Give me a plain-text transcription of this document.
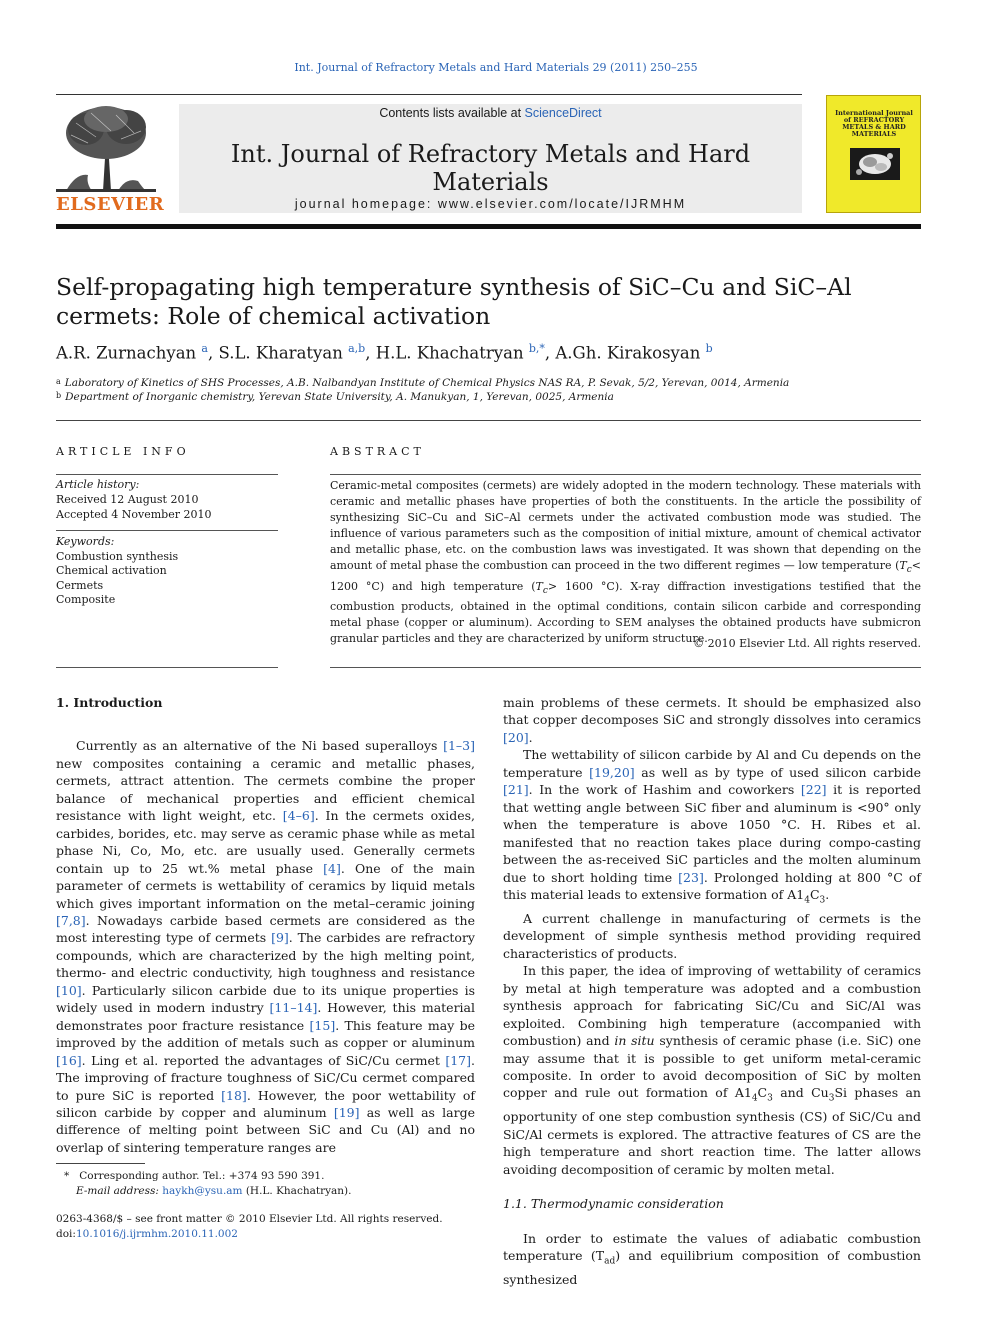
Int. Journal of Refractory Metals and Hard Materials 29 (2011) 250–255
ELSEVIER
Contents lists available at ScienceDirect
Int. Journal of Refractory Metals and Hard Materials
journal homepage: www.elsevier.com/locate/IJRMHM
International Journal of REFRACTORY METALS & HARD MATERIALS
Self-propagating high temperature synthesis of SiC–Cu and SiC–Al cermets: Role of chemical activation
A.R. Zurnachyan $^a$, S.L. Kharatyan $^{a,b}$, H.L. Khachatryan $^{b,*}$, A.Gh. Kirakosyan $^b$
$^a$ Laboratory of Kinetics of SHS Processes, A.B. Nalbandyan Institute of Chemical Physics NAS RA, P. Sevak, 5/2, Yerevan, 0014, Armenia
$^b$ Department of Inorganic chemistry, Yerevan State University, A. Manukyan, 1, Yerevan, 0025, Armenia
ARTICLE INFO	ABSTRACT
Article history:
Received 12 August 2010
Accepted 4 November 2010
Keywords:
Combustion synthesis
Chemical activation
Cermets
Composite
Ceramic-metal composites (cermets) are widely adopted in the modern technology. These materials with ceramic and metallic phases have properties of both the constituents. In the article the possibility of synthesizing SiC–Cu and SiC–Al cermets under the activated combustion mode was studied. The influence of various parameters such as the composition of initial mixture, amount of chemical activator and metallic phase, etc. on the combustion laws was investigated. It was shown that depending on the amount of metal phase the combustion can proceed in the two different regimes — low temperature ($T_c< 1200$ °C) and high temperature ($T_c> 1600$ °C). X-ray diffraction investigations testified that the combustion products, obtained in the optimal conditions, contain silicon carbide and corresponding metal phase (copper or aluminum). According to SEM analyses the obtained products have submicron granular particles and they are characterized by uniform structure.
© 2010 Elsevier Ltd. All rights reserved.

1. Introduction

Currently as an alternative of the Ni based superalloys [1–3] new composites containing a ceramic and metallic phases, cermets, attract attention. The cermets combine the proper balance of mechanical properties and efficient chemical resistance with light weight, etc. [4–6]. In the cermets oxides, carbides, borides, etc. may serve as ceramic phase while as metal phase Ni, Co, Mo, etc. are usually used. Generally cermets contain up to 25 wt.% metal phase [4]. One of the main parameter of cermets is wettability of ceramics by liquid metals which gives important information on the metal–ceramic joining [7,8]. Nowadays carbide based cermets are considered as the most interesting type of cermets [9]. The carbides are refractory compounds, which are characterized by the high melting point, thermo- and electric conductivity, high toughness and resistance [10]. Particularly silicon carbide due to its unique properties is widely used in modern industry [11–14]. However, this material demonstrates poor fracture resistance [15]. This feature may be improved by the addition of metals such as copper or aluminum [16]. Ling et al. reported the advantages of SiC/Cu cermet [17]. The improving of fracture toughness of SiC/Cu cermet compared to pure SiC is reported [18]. However, the poor wettability of silicon carbide by copper and aluminum [19] as well as large difference of melting point between SiC and Cu (Al) and no overlap of sintering temperature ranges are

main problems of these cermets. It should be emphasized also that copper decomposes SiC and strongly dissolves into ceramics [20].

The wettability of silicon carbide by Al and Cu depends on the temperature [19,20] as well as by type of used silicon carbide [21]. In the work of Hashim and coworkers [22] it is reported that wetting angle between SiC fiber and aluminum is <90° only when the temperature is above 1050 °C. H. Ribes et al. manifested that no reaction takes place during compo-casting between the as-received SiC particles and the molten aluminum due to short holding time [23]. Prolonged holding at 800 °C of this material leads to extensive formation of $A1_4C_3$.

A current challenge in manufacturing of cermets is the development of simple synthesis method providing required characteristics of products.

In this paper, the idea of improving of wettability of ceramics by metal at high temperature was adopted and a combustion synthesis approach for fabricating SiC/Cu and SiC/Al was exploited. Combining high temperature (accompanied with combustion) and in situ synthesis of ceramic phase (i.e. SiC) one may assume that it is possible to get uniform metal-ceramic composite. In order to avoid decomposition of SiC by molten copper and rule out formation of $A1_4C_3$ and $Cu_3Si$ phases an opportunity of one step combustion synthesis (CS) of SiC/Cu and SiC/Al cermets is explored. The attractive features of CS are the high temperature and short reaction time. The latter allows avoiding decomposition of ceramic by molten metal.

1.1. Thermodynamic consideration

In order to estimate the values of adiabatic combustion temperature $(T_{ad})$ and equilibrium composition of combustion synthesized

* Corresponding author. Tel.: +374 93 590 391.
E-mail address: haykh@ysu.am (H.L. Khachatryan).
0263-4368/$ – see front matter © 2010 Elsevier Ltd. All rights reserved.
doi:10.1016/j.ijrmhm.2010.11.002
